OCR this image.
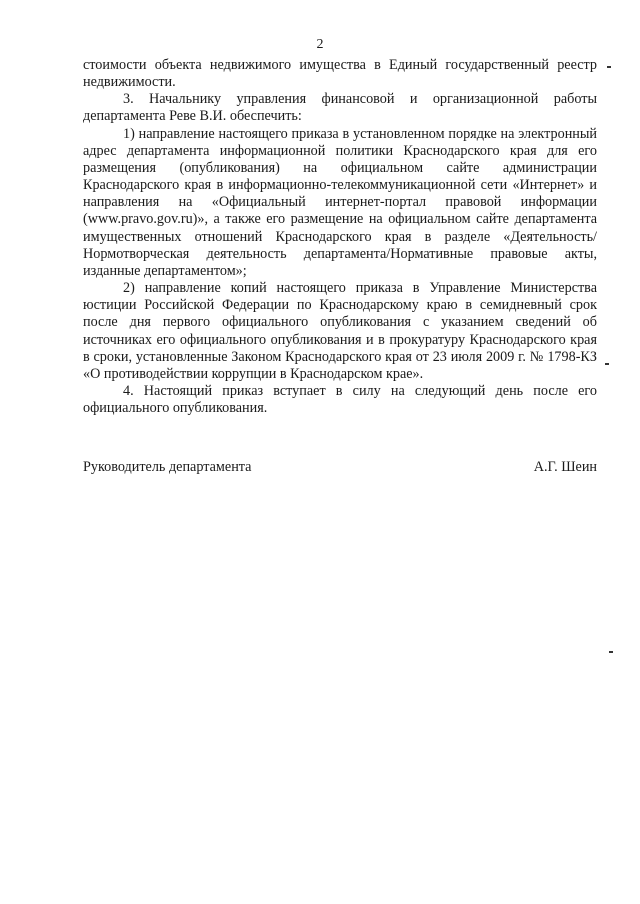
2

стоимости объекта недвижимого имущества в Единый государственный реестр недвижимости.

3. Начальнику управления финансовой и организационной работы департамента Реве В.И. обеспечить:

1) направление настоящего приказа в установленном порядке на электронный адрес департамента информационной политики Краснодарского края для его размещения (опубликования) на официальном сайте администрации Краснодарского края в информационно-телекоммуникационной сети «Интернет» и направления на «Официальный интернет-портал правовой информации (www.pravo.gov.ru)», а также его размещение на официальном сайте департамента имущественных отношений Краснодарского края в разделе «Деятельность/Нормотворческая деятельность департамента/Нормативные правовые акты, изданные департаментом»;

2) направление копий настоящего приказа в Управление Министерства юстиции Российской Федерации по Краснодарскому краю в семидневный срок после дня первого официального опубликования с указанием сведений об источниках его официального опубликования и в прокуратуру Краснодарского края в сроки, установленные Законом Краснодарского края от 23 июля 2009 г. № 1798-КЗ «О противодействии коррупции в Краснодарском крае».

4. Настоящий приказ вступает в силу на следующий день после его официального опубликования.

Руководитель департамента	А.Г. Шеин
